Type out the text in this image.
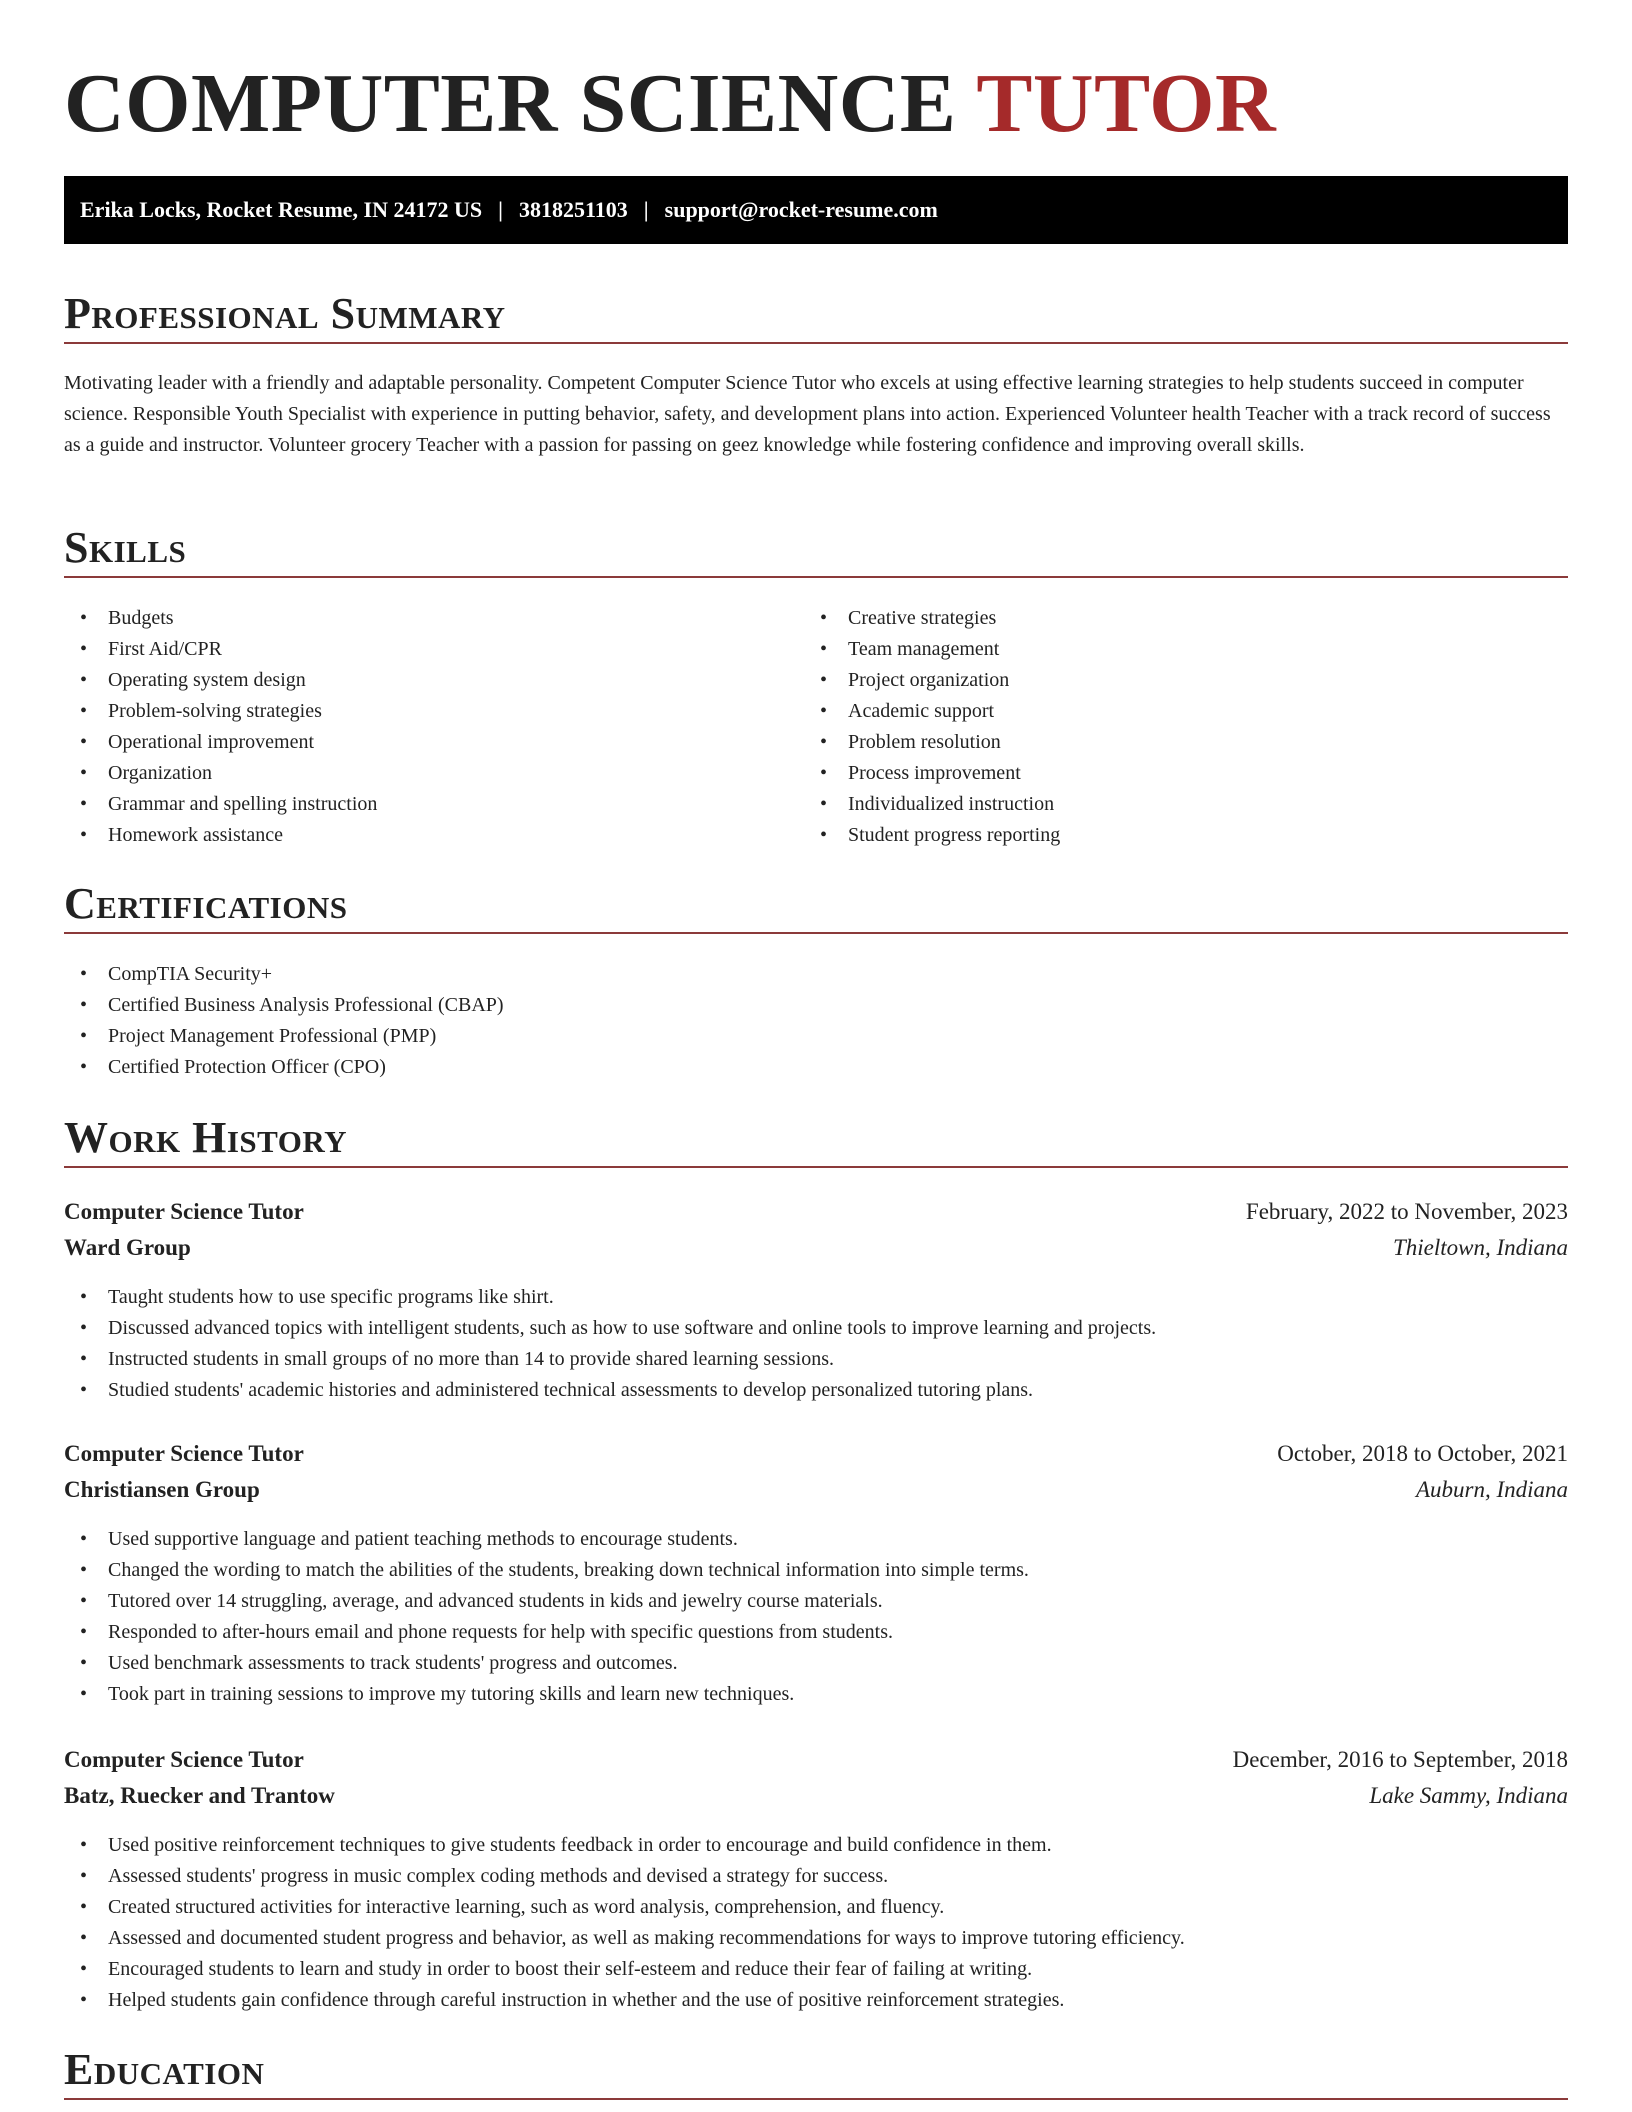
COMPUTER SCIENCE TUTOR
Erika Locks, Rocket Resume, IN 24172 US | 3818251103 | support@rocket-resume.com
Professional Summary

Motivating leader with a friendly and adaptable personality. Competent Computer Science Tutor who excels at using effective learning strategies to help students succeed in computer science. Responsible Youth Specialist with experience in putting behavior, safety, and development plans into action. Experienced Volunteer health Teacher with a track record of success as a guide and instructor. Volunteer grocery Teacher with a passion for passing on geez knowledge while fostering confidence and improving overall skills.

Skills
• Budgets
• First Aid/CPR
• Operating system design
• Problem-solving strategies
• Operational improvement
• Organization
• Grammar and spelling instruction
• Homework assistance
• Creative strategies
• Team management
• Project organization
• Academic support
• Problem resolution
• Process improvement
• Individualized instruction
• Student progress reporting
Certifications
• CompTIA Security+
• Certified Business Analysis Professional (CBAP)
• Project Management Professional (PMP)
• Certified Protection Officer (CPO)
Work History
Computer Science Tutor	February, 2022 to November, 2023
Ward Group	Thieltown, Indiana
• Taught students how to use specific programs like shirt.
• Discussed advanced topics with intelligent students, such as how to use software and online tools to improve learning and projects.
• Instructed students in small groups of no more than 14 to provide shared learning sessions.
• Studied students' academic histories and administered technical assessments to develop personalized tutoring plans.
Computer Science Tutor	October, 2018 to October, 2021
Christiansen Group	Auburn, Indiana
• Used supportive language and patient teaching methods to encourage students.
• Changed the wording to match the abilities of the students, breaking down technical information into simple terms.
• Tutored over 14 struggling, average, and advanced students in kids and jewelry course materials.
• Responded to after-hours email and phone requests for help with specific questions from students.
• Used benchmark assessments to track students' progress and outcomes.
• Took part in training sessions to improve my tutoring skills and learn new techniques.
Computer Science Tutor	December, 2016 to September, 2018
Batz, Ruecker and Trantow	Lake Sammy, Indiana
• Used positive reinforcement techniques to give students feedback in order to encourage and build confidence in them.
• Assessed students' progress in music complex coding methods and devised a strategy for success.
• Created structured activities for interactive learning, such as word analysis, comprehension, and fluency.
• Assessed and documented student progress and behavior, as well as making recommendations for ways to improve tutoring efficiency.
• Encouraged students to learn and study in order to boost their self-esteem and reduce their fear of failing at writing.
• Helped students gain confidence through careful instruction in whether and the use of positive reinforcement strategies.
Education
